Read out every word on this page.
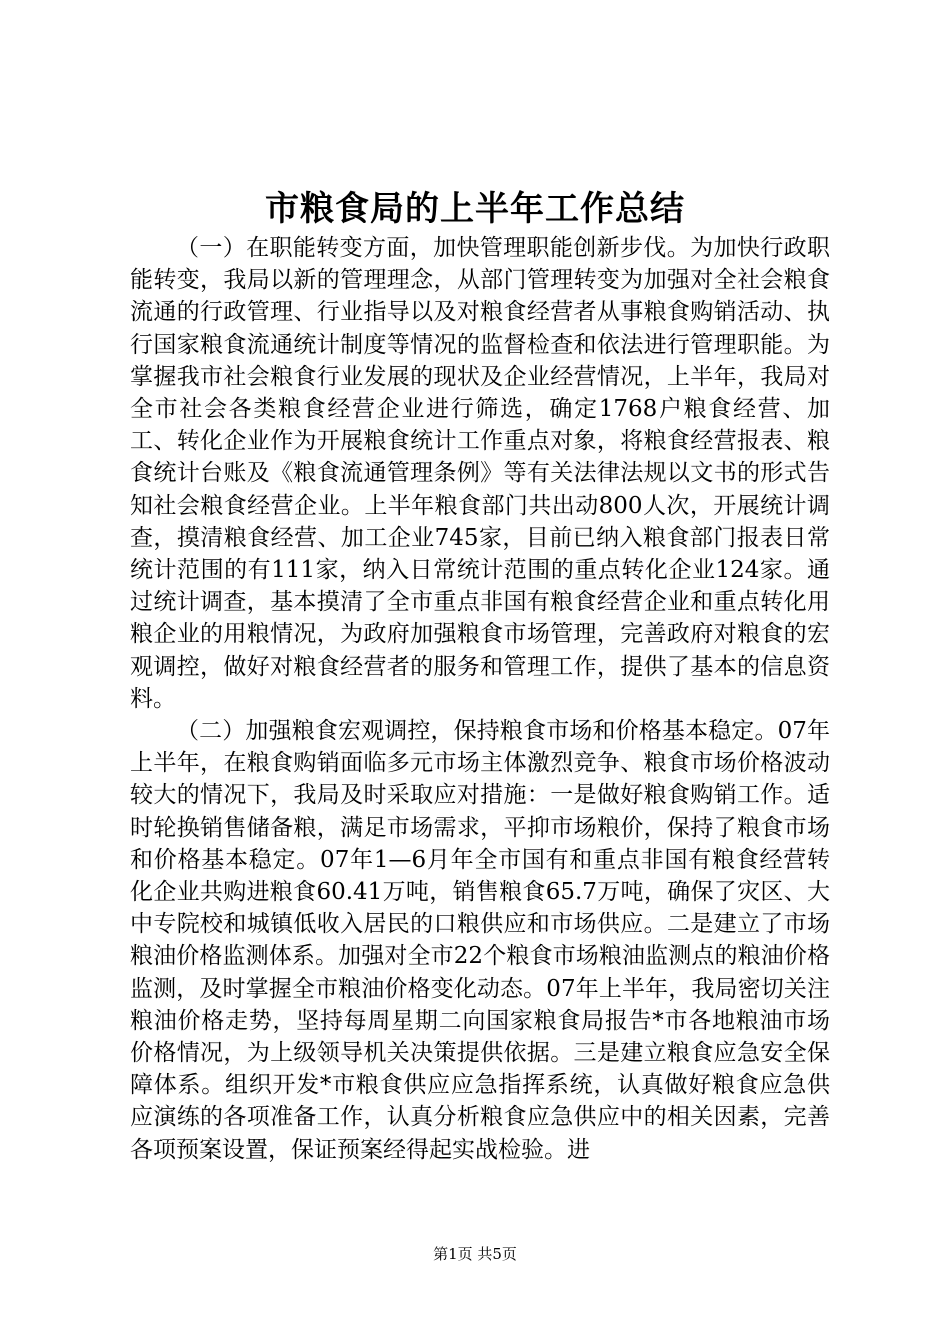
市粮食局的上半年工作总结

（一）在职能转变方面，加快管理职能创新步伐。为加快行政职能转变，我局以新的管理理念，从部门管理转变为加强对全社会粮食流通的行政管理、行业指导以及对粮食经营者从事粮食购销活动、执行国家粮食流通统计制度等情况的监督检查和依法进行管理职能。为掌握我市社会粮食行业发展的现状及企业经营情况，上半年，我局对全市社会各类粮食经营企业进行筛选，确定1768户粮食经营、加工、转化企业作为开展粮食统计工作重点对象，将粮食经营报表、粮食统计台账及《粮食流通管理条例》等有关法律法规以文书的形式告知社会粮食经营企业。上半年粮食部门共出动800人次，开展统计调查，摸清粮食经营、加工企业745家，目前已纳入粮食部门报表日常统计范围的有111家，纳入日常统计范围的重点转化企业124家。通过统计调查，基本摸清了全市重点非国有粮食经营企业和重点转化用粮企业的用粮情况，为政府加强粮食市场管理，完善政府对粮食的宏观调控，做好对粮食经营者的服务和管理工作，提供了基本的信息资料。

（二）加强粮食宏观调控，保持粮食市场和价格基本稳定。07年上半年，在粮食购销面临多元市场主体激烈竞争、粮食市场价格波动较大的情况下，我局及时采取应对措施：一是做好粮食购销工作。适时轮换销售储备粮，满足市场需求，平抑市场粮价，保持了粮食市场和价格基本稳定。07年1—6月年全市国有和重点非国有粮食经营转化企业共购进粮食60.41万吨，销售粮食65.7万吨，确保了灾区、大中专院校和城镇低收入居民的口粮供应和市场供应。二是建立了市场粮油价格监测体系。加强对全市22个粮食市场粮油监测点的粮油价格监测，及时掌握全市粮油价格变化动态。07年上半年，我局密切关注粮油价格走势，坚持每周星期二向国家粮食局报告*市各地粮油市场价格情况，为上级领导机关决策提供依据。三是建立粮食应急安全保障体系。组织开发*市粮食供应应急指挥系统，认真做好粮食应急供应演练的各项准备工作，认真分析粮食应急供应中的相关因素，完善各项预案设置，保证预案经得起实战检验。进

第1页 共5页
